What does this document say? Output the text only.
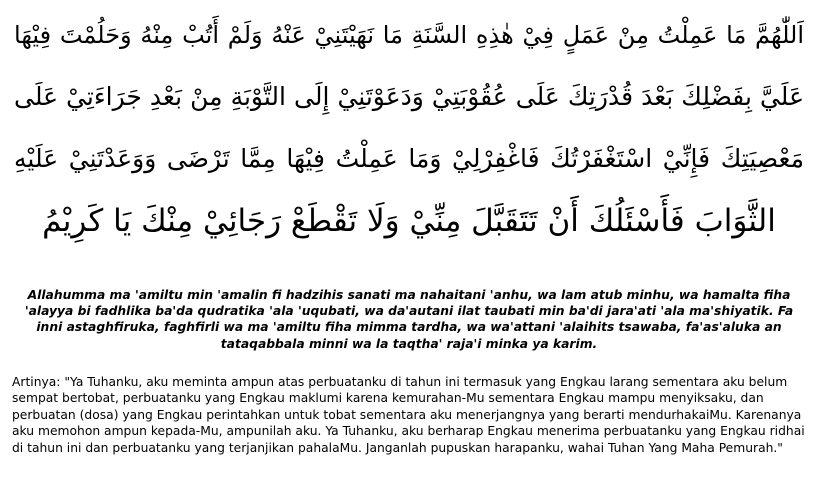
اَللّٰهُمَّ مَا عَمِلْتُ مِنْ عَمَلٍ فِيْ هٰذِهِ السَّنَةِ مَا نَهَيْتَنِيْ عَنْهُ وَلَمْ أَتُبْ مِنْهُ وَحَلُمْتَ فِيْهَا
عَلَيَّ بِفَضْلِكَ بَعْدَ قُدْرَتِكَ عَلَى عُقُوْبَتِيْ وَدَعَوْتَنِيْ إِلَى التَّوْبَةِ مِنْ بَعْدِ جَرَاءَتِيْ عَلَى
مَعْصِيَتِكَ فَإِنِّيْ اسْتَغْفَرْتُكَ فَاغْفِرْلِيْ وَمَا عَمِلْتُ فِيْهَا مِمَّا تَرْضَى وَوَعَدْتَنِيْ عَلَيْهِ
الثَّوَابَ فَأَسْئَلُكَ أَنْ تَتَقَبَّلَ مِنِّيْ وَلَا تَقْطَعْ رَجَائِيْ مِنْكَ يَا كَرِيْمُ

Allahumma ma 'amiltu min 'amalin fi hadzihis sanati ma nahaitani 'anhu, wa lam atub minhu, wa hamalta fiha 'alayya bi fadhlika ba'da qudratika 'ala 'uqubati, wa da'autani ilat taubati min ba'di jara'ati 'ala ma'shiyatik. Fa inni astaghfiruka, faghfirli wa ma 'amiltu fiha mimma tardha, wa wa'attani 'alaihits tsawaba, fa'as'aluka an tataqabbala minni wa la taqtha' raja'i minka ya karim.

Artinya: "Ya Tuhanku, aku meminta ampun atas perbuatanku di tahun ini termasuk yang Engkau larang sementara aku belum sempat bertobat, perbuatanku yang Engkau maklumi karena kemurahan-Mu sementara Engkau mampu menyiksaku, dan perbuatan (dosa) yang Engkau perintahkan untuk tobat sementara aku menerjangnya yang berarti mendurhakaiMu. Karenanya aku memohon ampun kepada-Mu, ampunilah aku. Ya Tuhanku, aku berharap Engkau menerima perbuatanku yang Engkau ridhai di tahun ini dan perbuatanku yang terjanjikan pahalaMu. Janganlah pupuskan harapanku, wahai Tuhan Yang Maha Pemurah."
